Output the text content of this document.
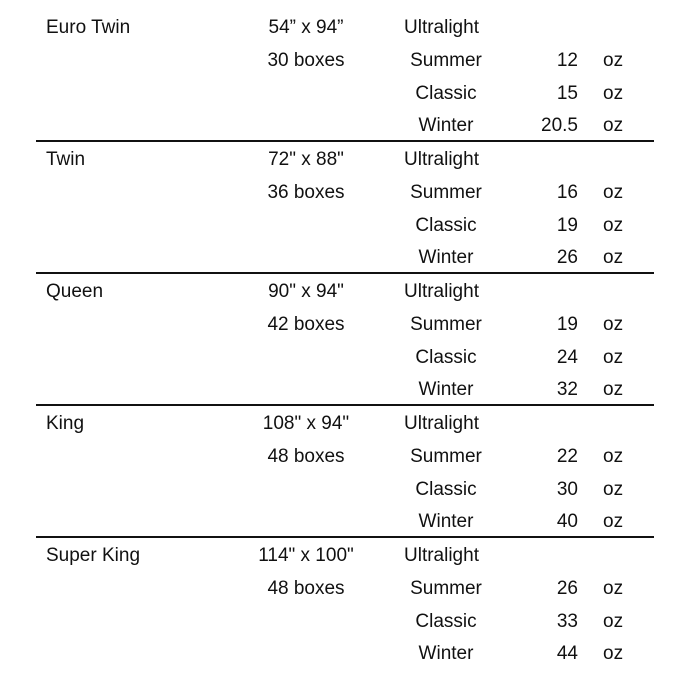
Euro Twin	54” x 94”	Ultralight
30 boxes	Summer	12 oz
Classic	15 oz
Winter	20.5 oz
Twin	72" x 88"	Ultralight
36 boxes	Summer	16 oz
Classic	19 oz
Winter	26 oz
Queen	90" x 94"	Ultralight
42 boxes	Summer	19 oz
Classic	24 oz
Winter	32 oz
King	108" x 94"	Ultralight
48 boxes	Summer	22 oz
Classic	30 oz
Winter	40 oz
Super King	114" x 100"	Ultralight
48 boxes	Summer	26 oz
Classic	33 oz
Winter	44 oz
